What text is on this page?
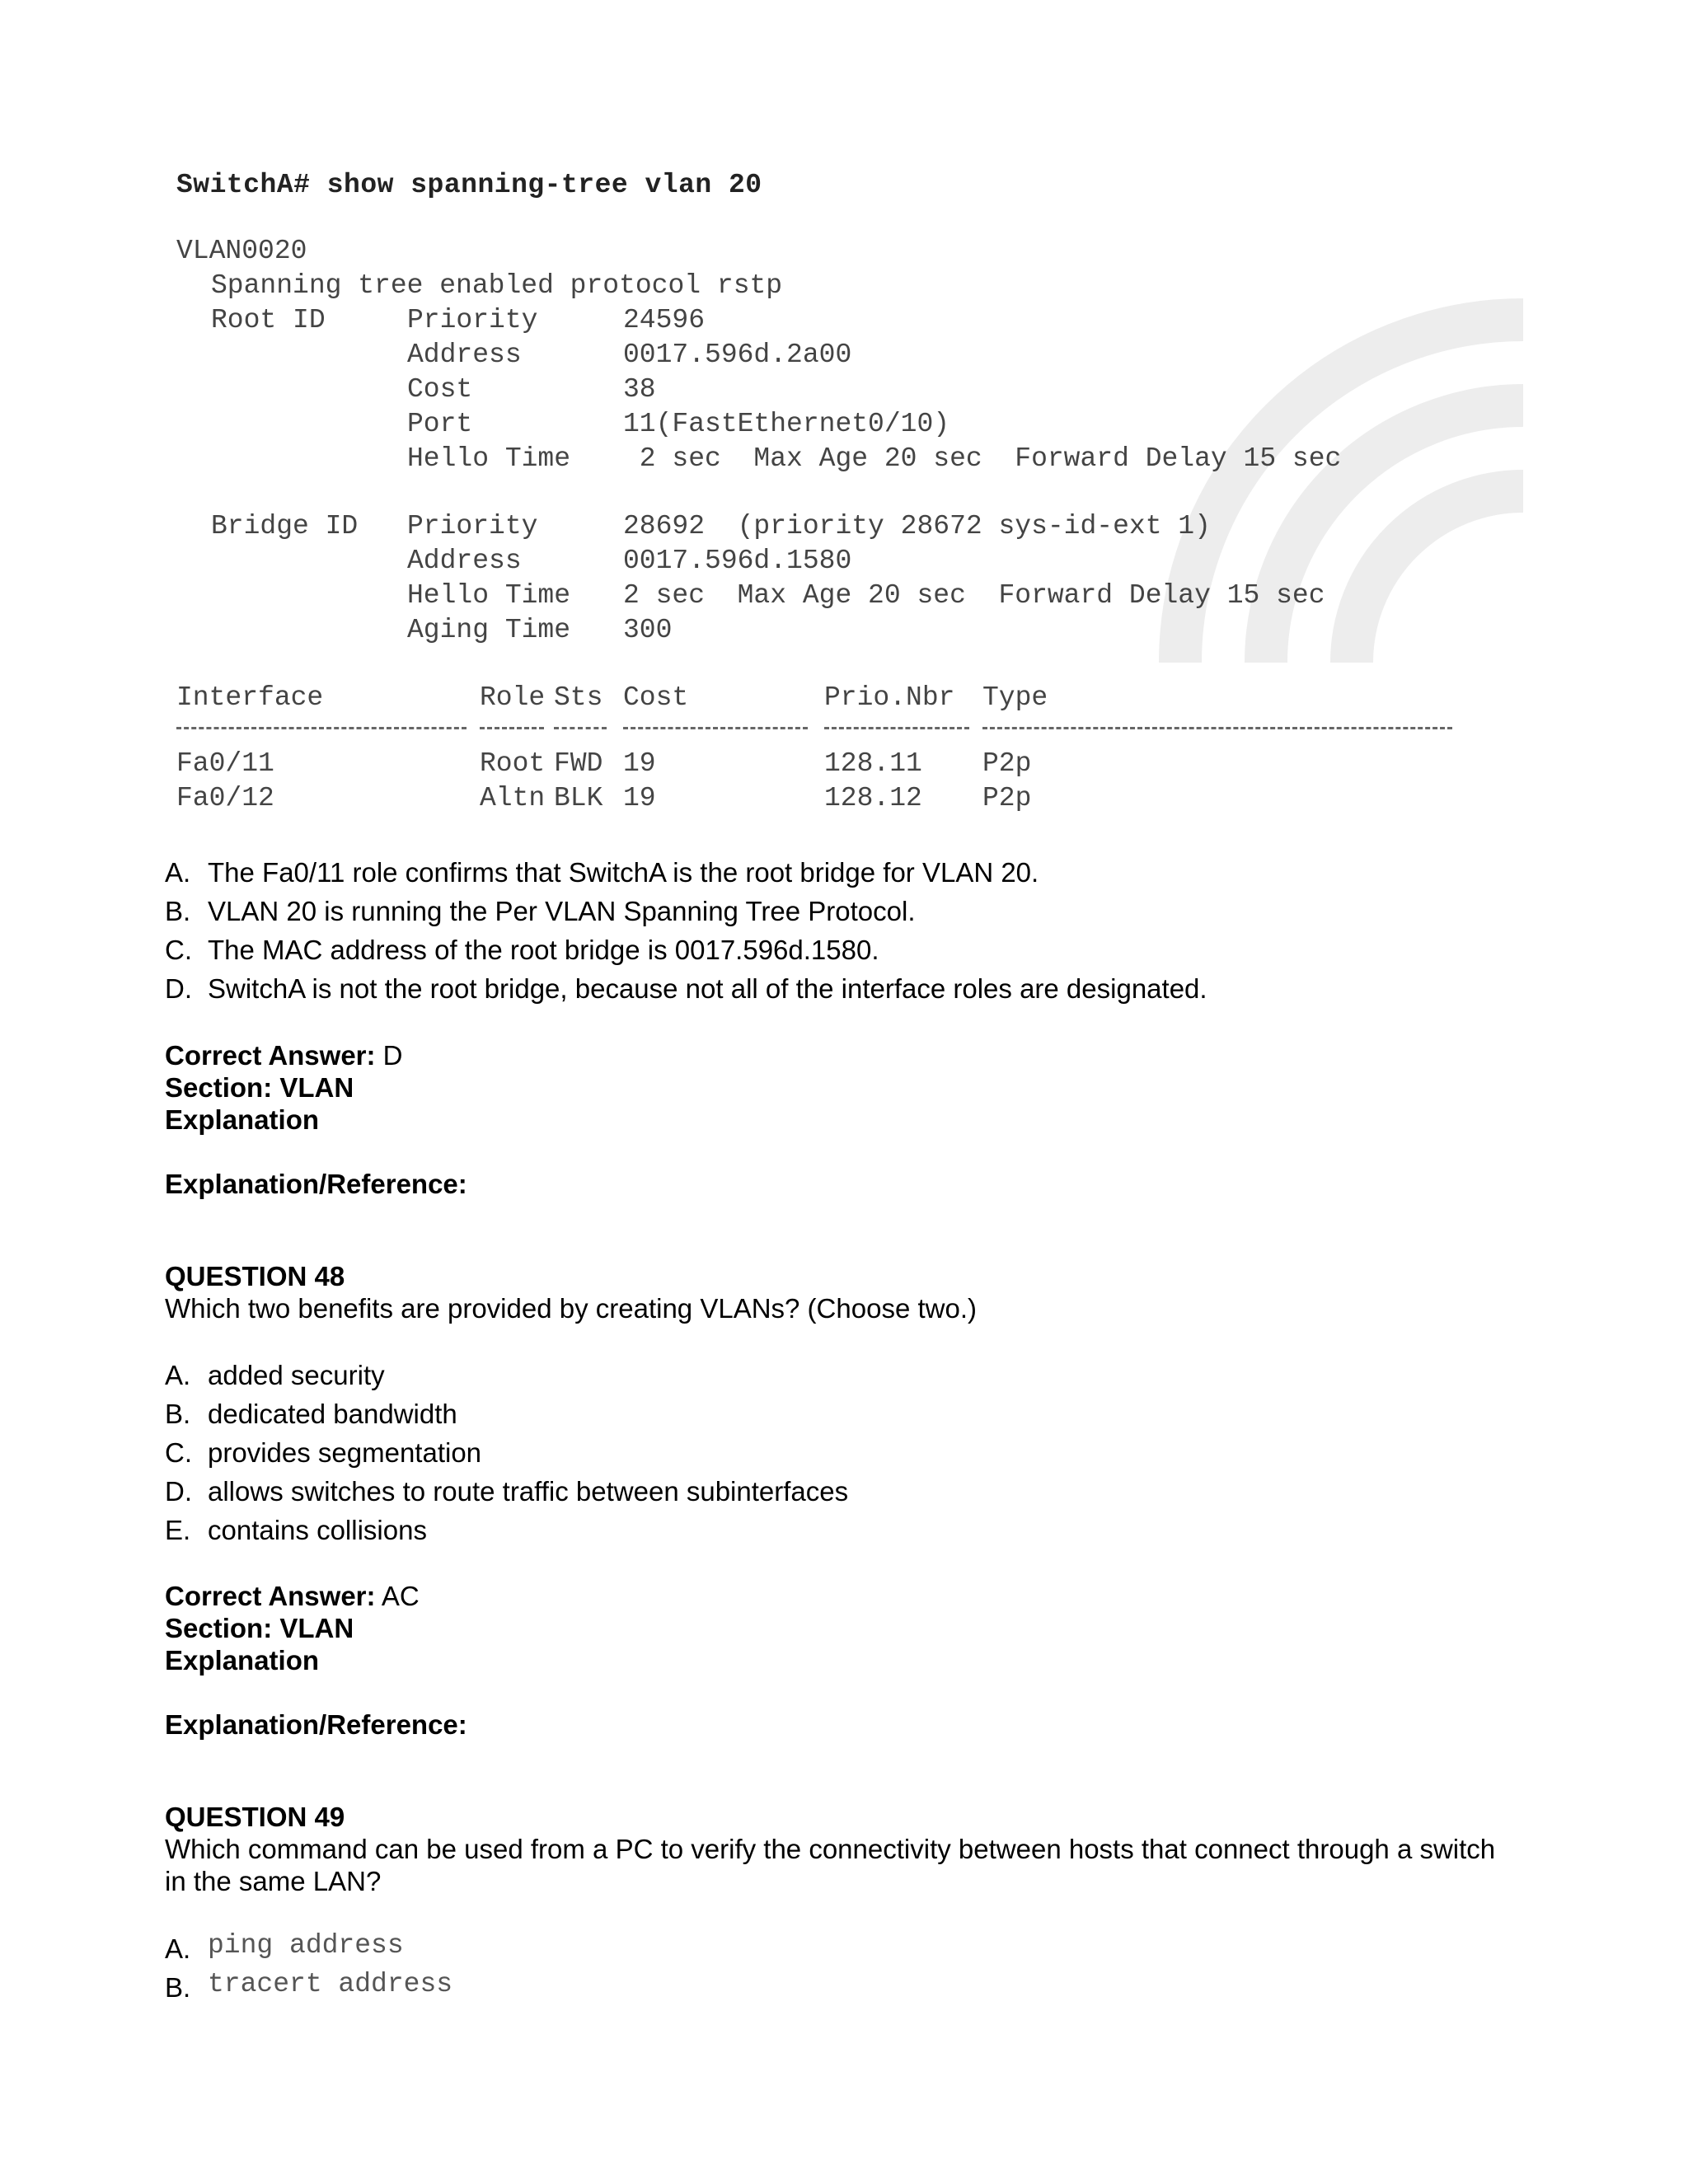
SwitchA# show spanning-tree vlan 20
VLAN0020
Spanning tree enabled protocol rstp
Root ID	Priority	24596
Address	0017.596d.2a00
Cost	38
Port	11(FastEthernet0/10)
Hello Time 2 sec  Max Age 20 sec  Forward Delay 15 sec
Bridge ID Priority	28692  (priority 28672 sys-id-ext 1)
Address	0017.596d.1580
Hello Time 2 sec  Max Age 20 sec  Forward Delay 15 sec
Aging Time 300
Interface	Role Sts Cost	Prio.Nbr Type
Fa0/11	Root FWD 19	128.11 P2p
Fa0/12	Altn BLK 19	128.12 P2p
A. The Fa0/11 role confirms that SwitchA is the root bridge for VLAN 20.
B. VLAN 20 is running the Per VLAN Spanning Tree Protocol.
C. The MAC address of the root bridge is 0017.596d.1580.
D. SwitchA is not the root bridge, because not all of the interface roles are designated.
Correct Answer: D
Section: VLAN
Explanation
Explanation/Reference:
QUESTION 48
Which two benefits are provided by creating VLANs? (Choose two.)
A. added security
B. dedicated bandwidth
C. provides segmentation
D. allows switches to route traffic between subinterfaces
E. contains collisions
Correct Answer: AC
Section: VLAN
Explanation
Explanation/Reference:
QUESTION 49
Which command can be used from a PC to verify the connectivity between hosts that connect through a switch
in the same LAN?
A. ping address
B. tracert address
